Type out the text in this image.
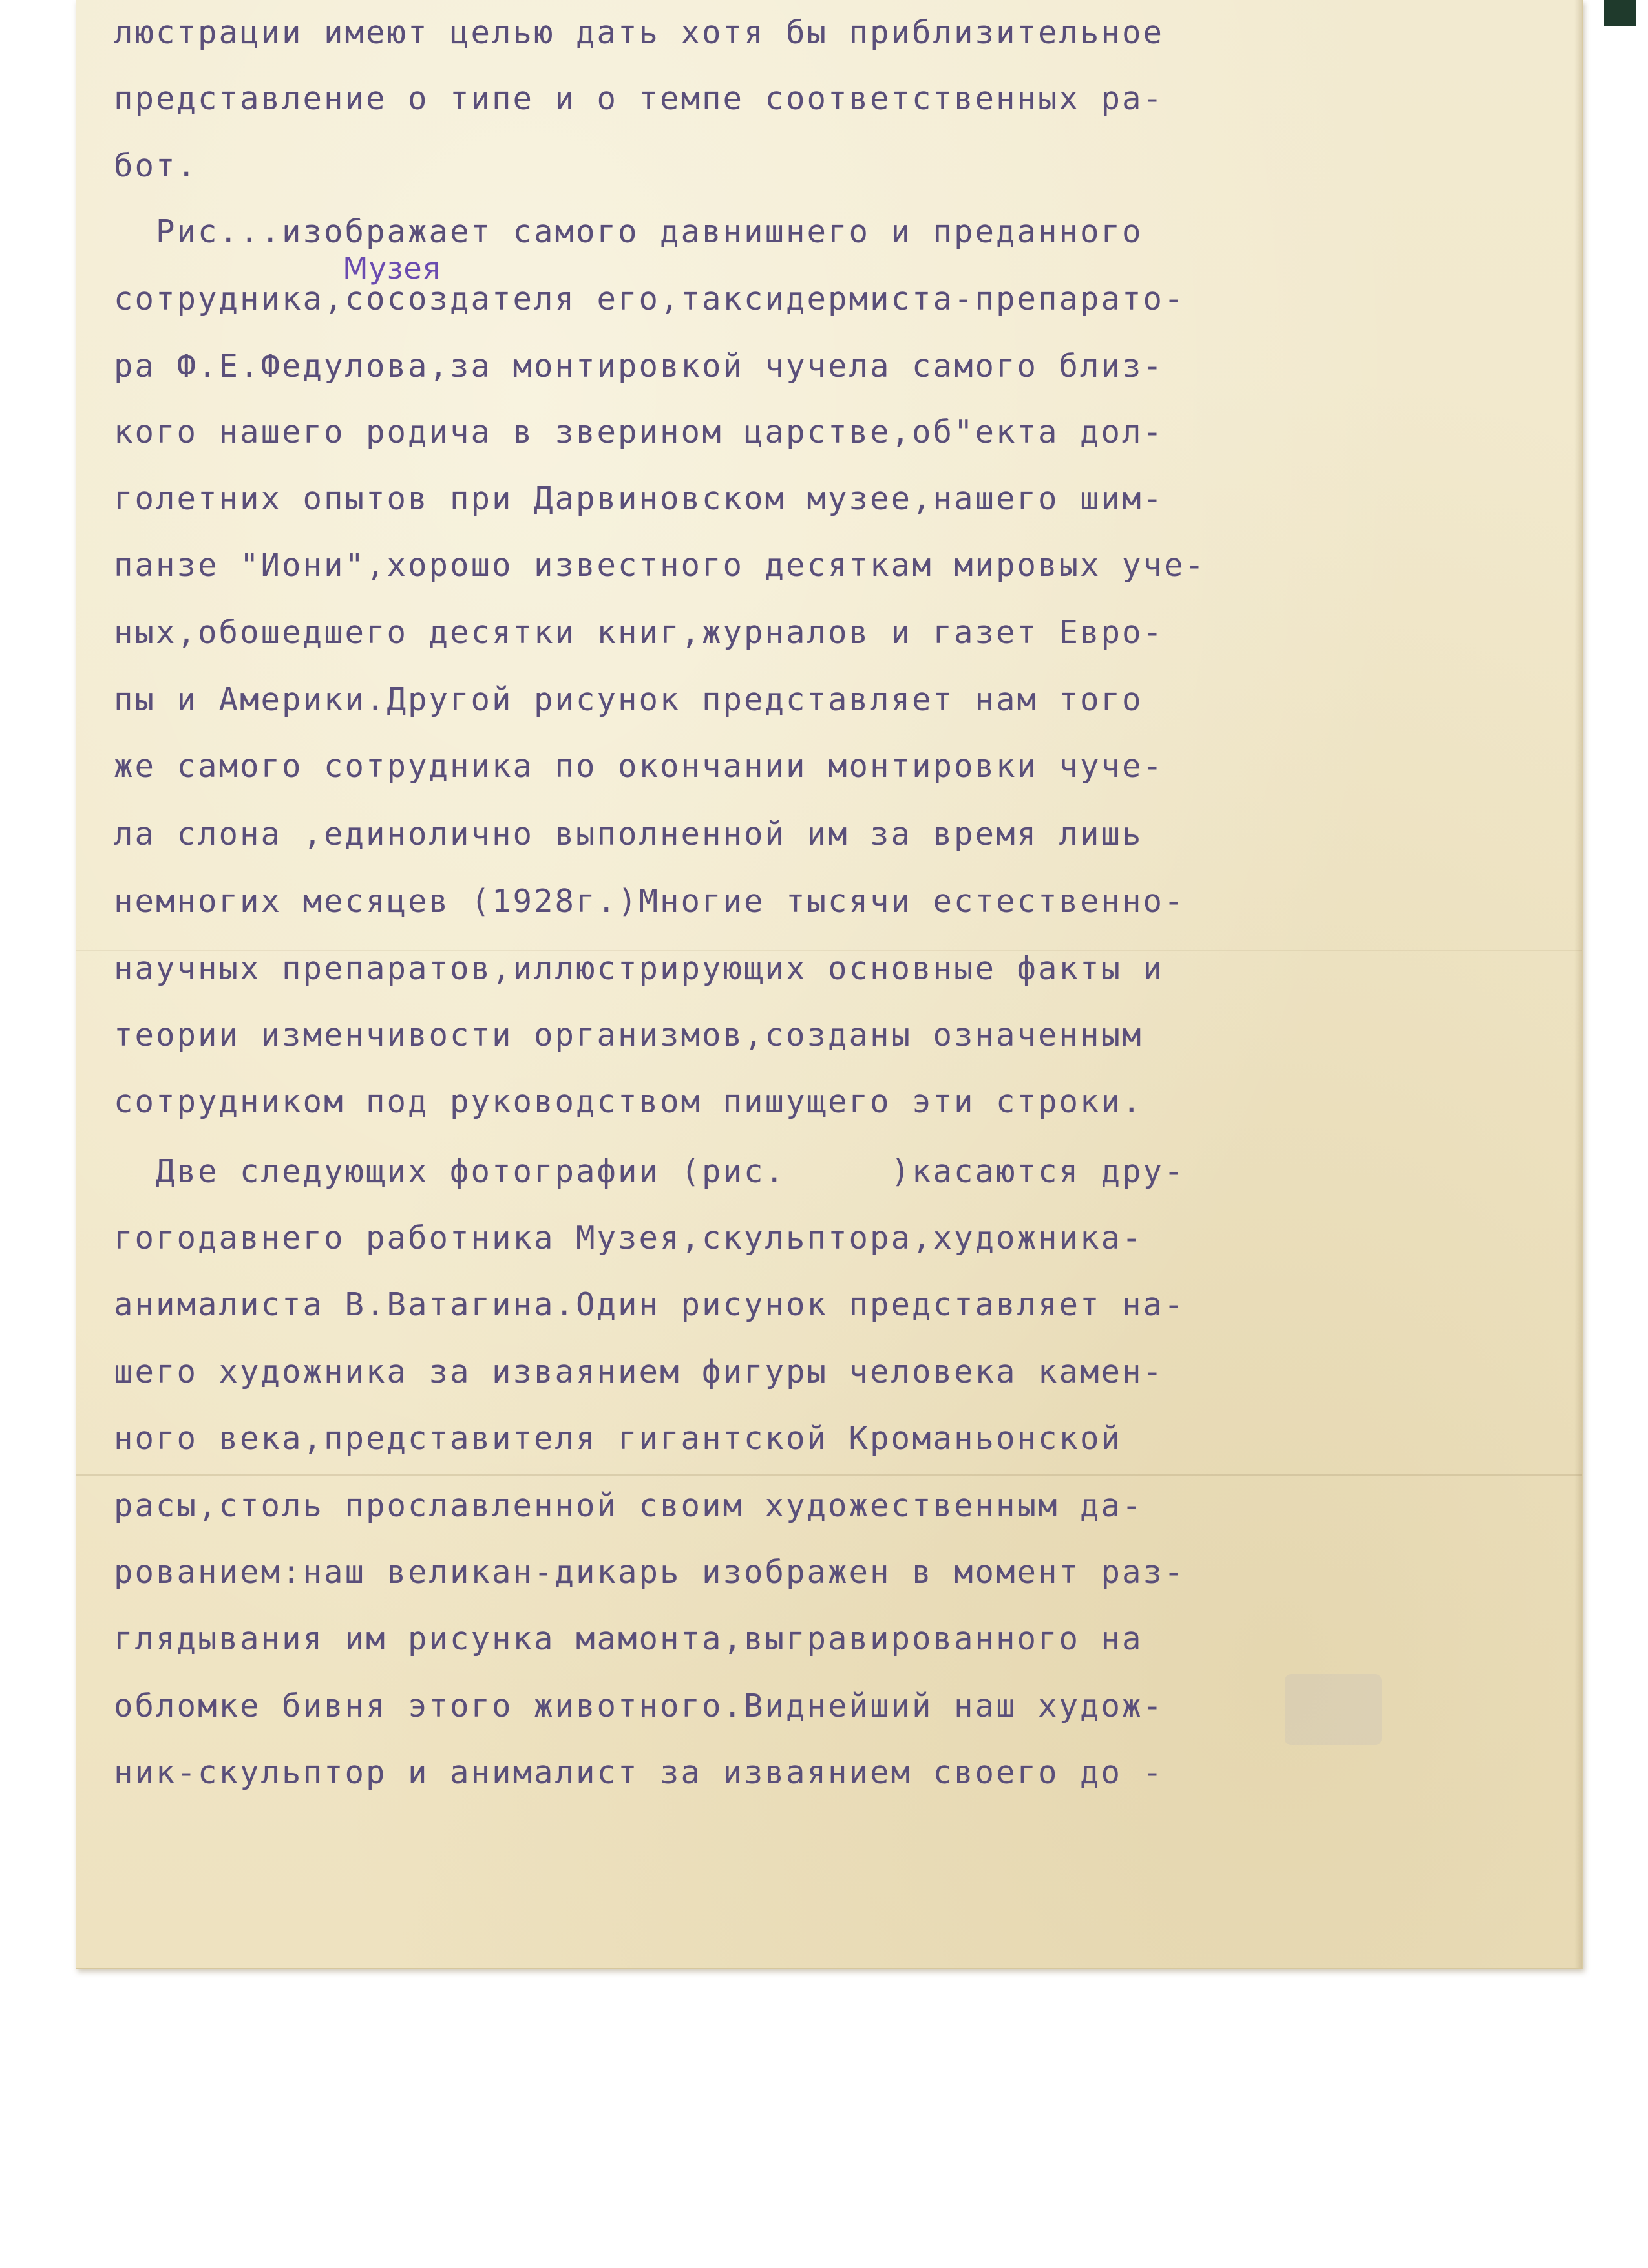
Музея
люстрации имеют целью дать хотя бы приблизительное
представление о типе и о темпе соответственных ра-
бот.
Рис...изображает самого давнишнего и преданного
сотрудника,сосоздателя его,таксидермиста-препарато-
ра Ф.Е.Федулова,за монтировкой чучела самого близ-
кого нашего родича в зверином царстве,об"екта дол-
голетних опытов при Дарвиновском музее,нашего шим-
панзе "Иони",хорошо известного десяткам мировых уче-
ных,обошедшего десятки книг,журналов и газет Евро-
пы и Америки.Другой рисунок представляет нам того
же самого сотрудника по окончании монтировки чуче-
ла слона ,единолично выполненной им за время лишь
немногих месяцев (1928г.)Многие тысячи естественно-
научных препаратов,иллюстрирующих основные факты и
теории изменчивости организмов,созданы означенным
сотрудником под руководством пишущего эти строки.
Две следующих фотографии (рис.     )касаются дру-
гогодавнего работника Музея,скульптора,художника-
анималиста В.Ватагина.Один рисунок представляет на-
шего художника за изваянием фигуры человека камен-
ного века,представителя гигантской Кроманьонской
расы,столь прославленной своим художественным да-
рованием:наш великан-дикарь изображен в момент раз-
глядывания им рисунка мамонта,выгравированного на
обломке бивня этого животного.Виднейший наш худож-
ник-скульптор и анималист за изваянием своего до -
